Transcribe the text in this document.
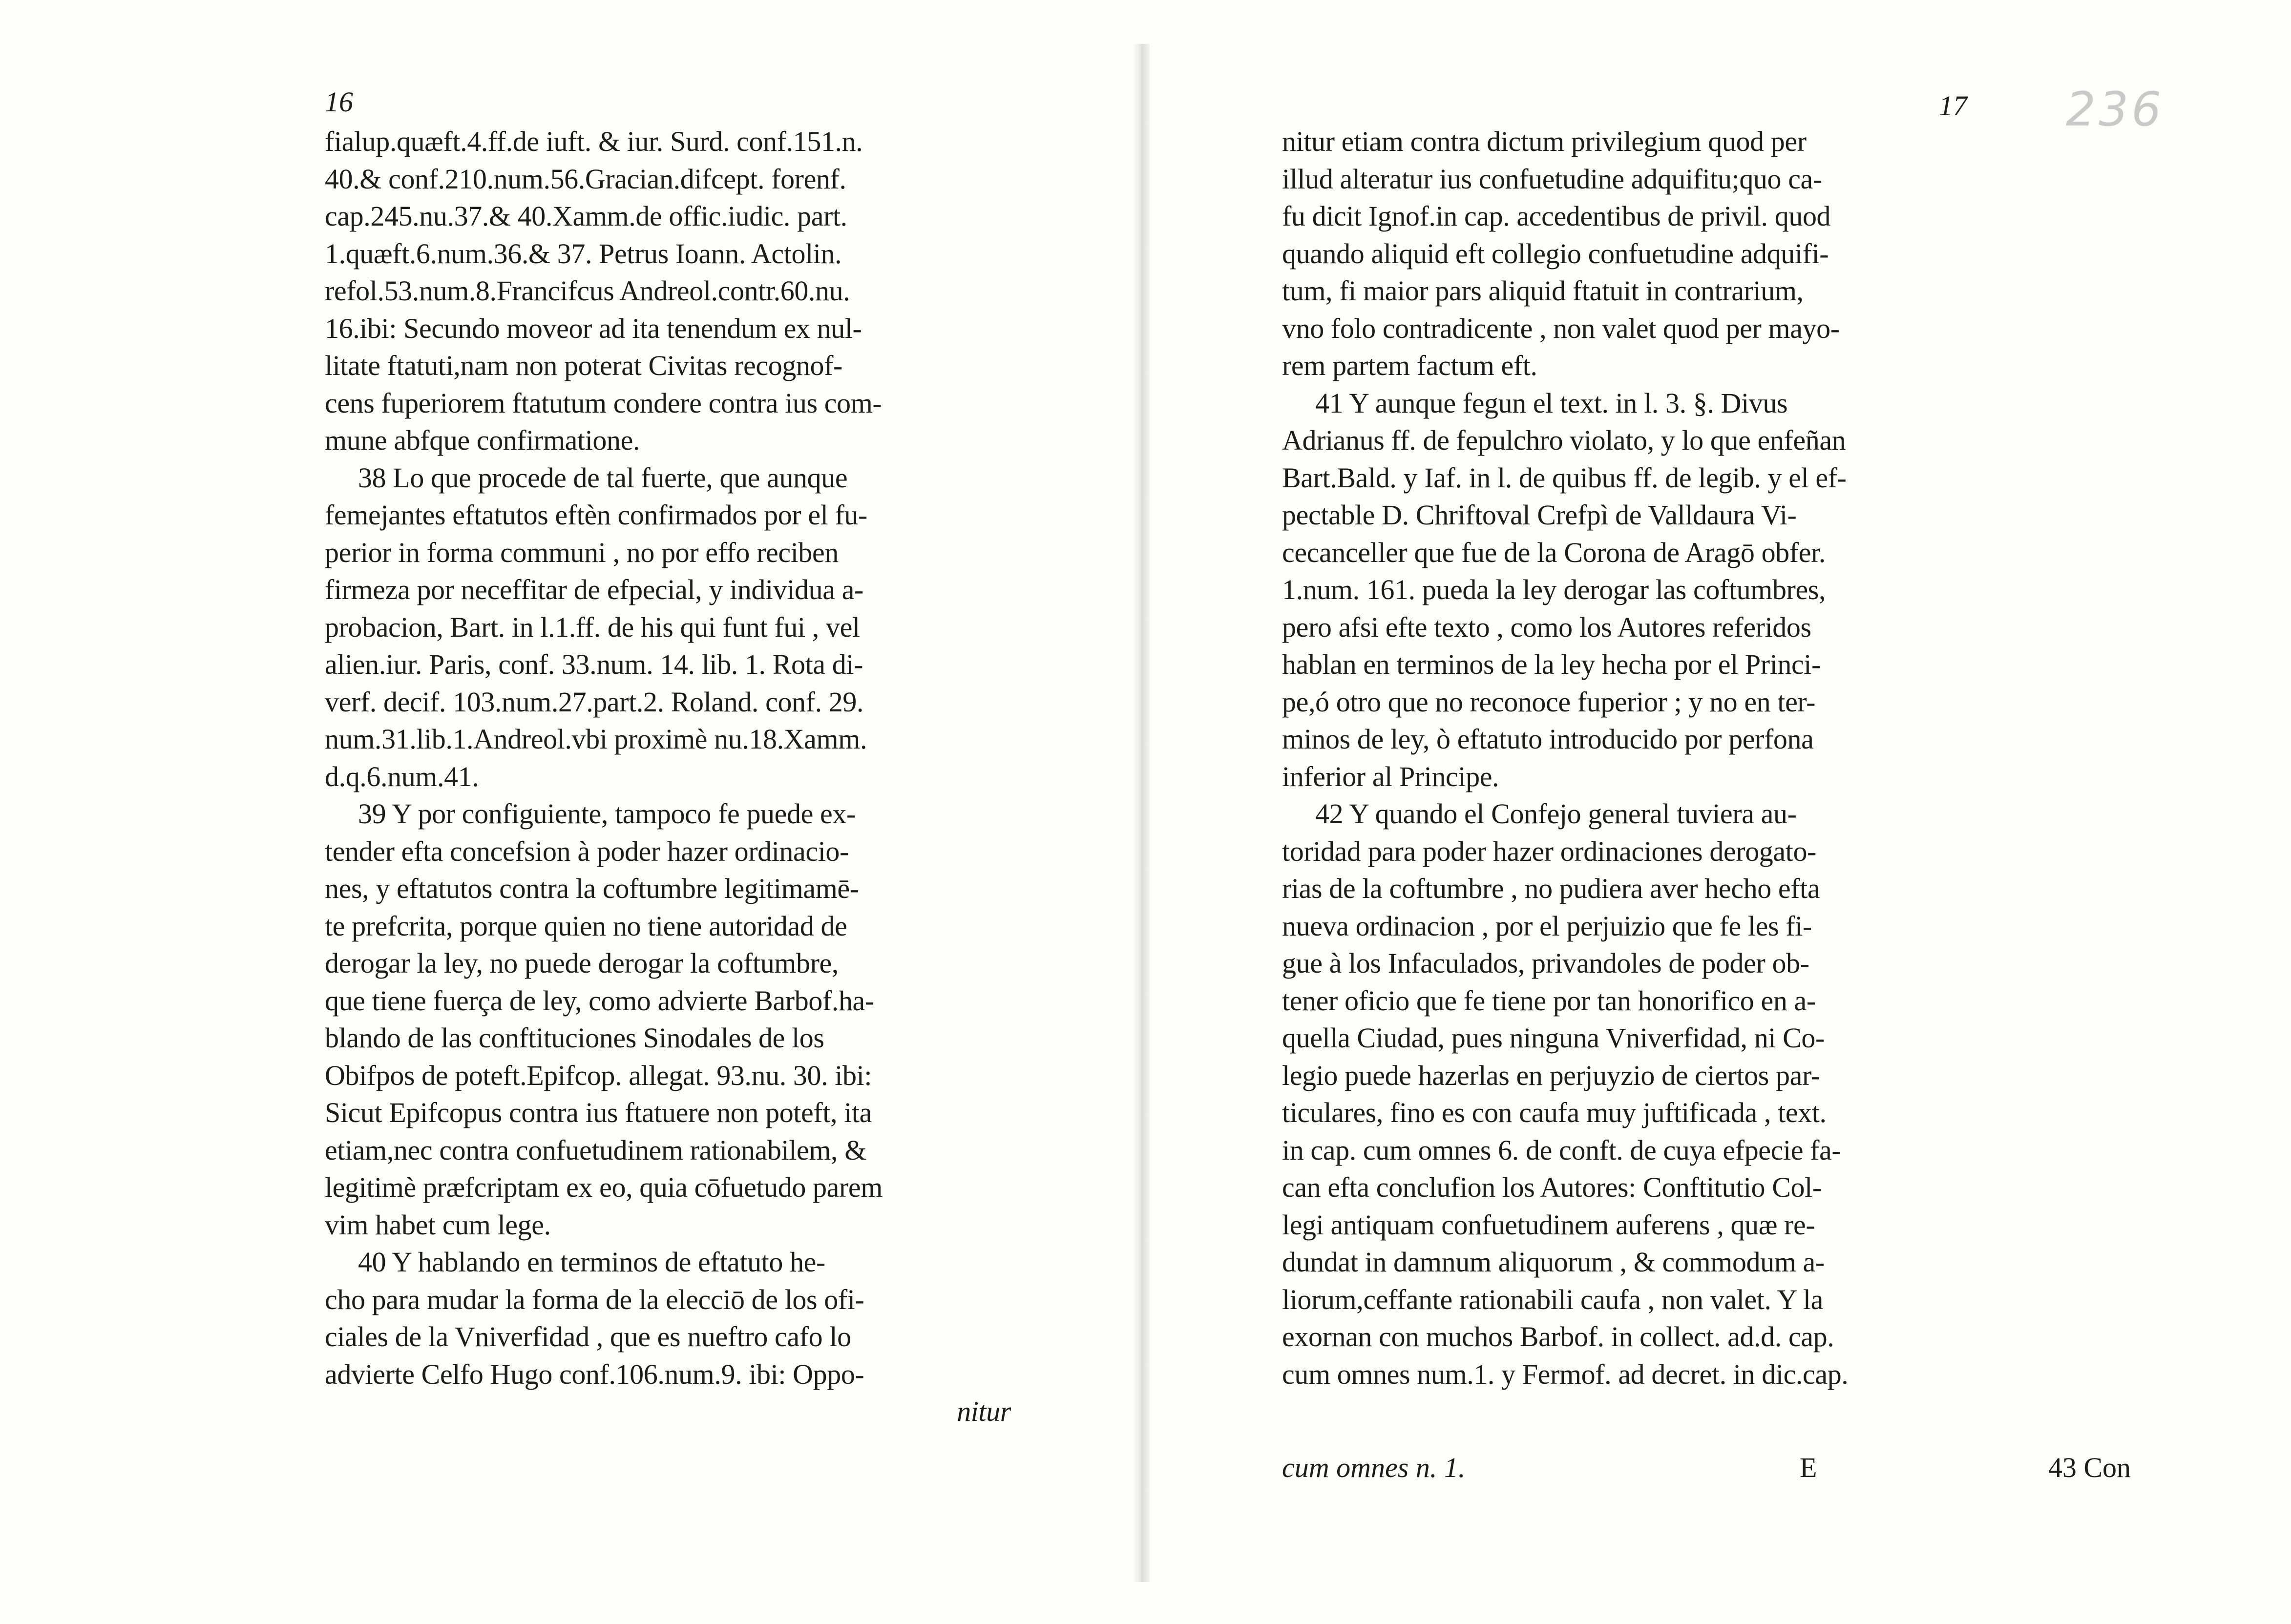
16
fialup.quæft.4.ff.de iuft. & iur. Surd. conf.151.n.
40.& conf.210.num.56.Gracian.difcept. forenf.
cap.245.nu.37.& 40.Xamm.de offic.iudic. part.
1.quæft.6.num.36.& 37. Petrus Ioann. Actolin.
refol.53.num.8.Francifcus Andreol.contr.60.nu.
16.ibi: Secundo moveor ad ita tenendum ex nul-
litate ftatuti,nam non poterat Civitas recognof-
cens fuperiorem ftatutum condere contra ius com-
mune abfque confirmatione.
38 Lo que procede de tal fuerte, que aunque
femejantes eftatutos eftèn confirmados por el fu-
perior in forma communi , no por effo reciben
firmeza por neceffitar de efpecial, y individua a-
probacion, Bart. in l.1.ff. de his qui funt fui , vel
alien.iur. Paris, conf. 33.num. 14. lib. 1. Rota di-
verf. decif. 103.num.27.part.2. Roland. conf. 29.
num.31.lib.1.Andreol.vbi proximè nu.18.Xamm.
d.q.6.num.41.
39 Y por configuiente, tampoco fe puede ex-
tender efta concefsion à poder hazer ordinacio-
nes, y eftatutos contra la coftumbre legitimamē-
te prefcrita, porque quien no tiene autoridad de
derogar la ley, no puede derogar la coftumbre,
que tiene fuerça de ley, como advierte Barbof.ha-
blando de las conftituciones Sinodales de los
Obifpos de poteft.Epifcop. allegat. 93.nu. 30. ibi:
Sicut Epifcopus contra ius ftatuere non poteft, ita
etiam,nec contra confuetudinem rationabilem, &
legitimè præfcriptam ex eo, quia cōfuetudo parem
vim habet cum lege.
40 Y hablando en terminos de eftatuto he-
cho para mudar la forma de la elecciō de los ofi-
ciales de la Vniverfidad , que es nueftro cafo lo
advierte Celfo Hugo conf.106.num.9. ibi: Oppo-
nitur
17 236
nitur etiam contra dictum privilegium quod per
illud alteratur ius confuetudine adquifitu;quo ca-
fu dicit Ignof.in cap. accedentibus de privil. quod
quando aliquid eft collegio confuetudine adquifi-
tum, fi maior pars aliquid ftatuit in contrarium,
vno folo contradicente , non valet quod per mayo-
rem partem factum eft.
41 Y aunque fegun el text. in l. 3. §. Divus
Adrianus ff. de fepulchro violato, y lo que enfeñan
Bart.Bald. y Iaf. in l. de quibus ff. de legib. y el ef-
pectable D. Chriftoval Crefpì de Valldaura Vi-
cecanceller que fue de la Corona de Aragō obfer.
1.num. 161. pueda la ley derogar las coftumbres,
pero afsi efte texto , como los Autores referidos
hablan en terminos de la ley hecha por el Princi-
pe,ó otro que no reconoce fuperior ; y no en ter-
minos de ley, ò eftatuto introducido por perfona
inferior al Principe.
42 Y quando el Confejo general tuviera au-
toridad para poder hazer ordinaciones derogato-
rias de la coftumbre , no pudiera aver hecho efta
nueva ordinacion , por el perjuizio que fe les fi-
gue à los Infaculados, privandoles de poder ob-
tener oficio que fe tiene por tan honorifico en a-
quella Ciudad, pues ninguna Vniverfidad, ni Co-
legio puede hazerlas en perjuyzio de ciertos par-
ticulares, fino es con caufa muy juftificada , text.
in cap. cum omnes 6. de conft. de cuya efpecie fa-
can efta conclufion los Autores: Conftitutio Col-
legi antiquam confuetudinem auferens , quæ re-
dundat in damnum aliquorum , & commodum a-
liorum,ceffante rationabili caufa , non valet. Y la
exornan con muchos Barbof. in collect. ad.d. cap.
cum omnes num.1. y Fermof. ad decret. in dic.cap.
cum omnes n. 1.	E	43 Con
